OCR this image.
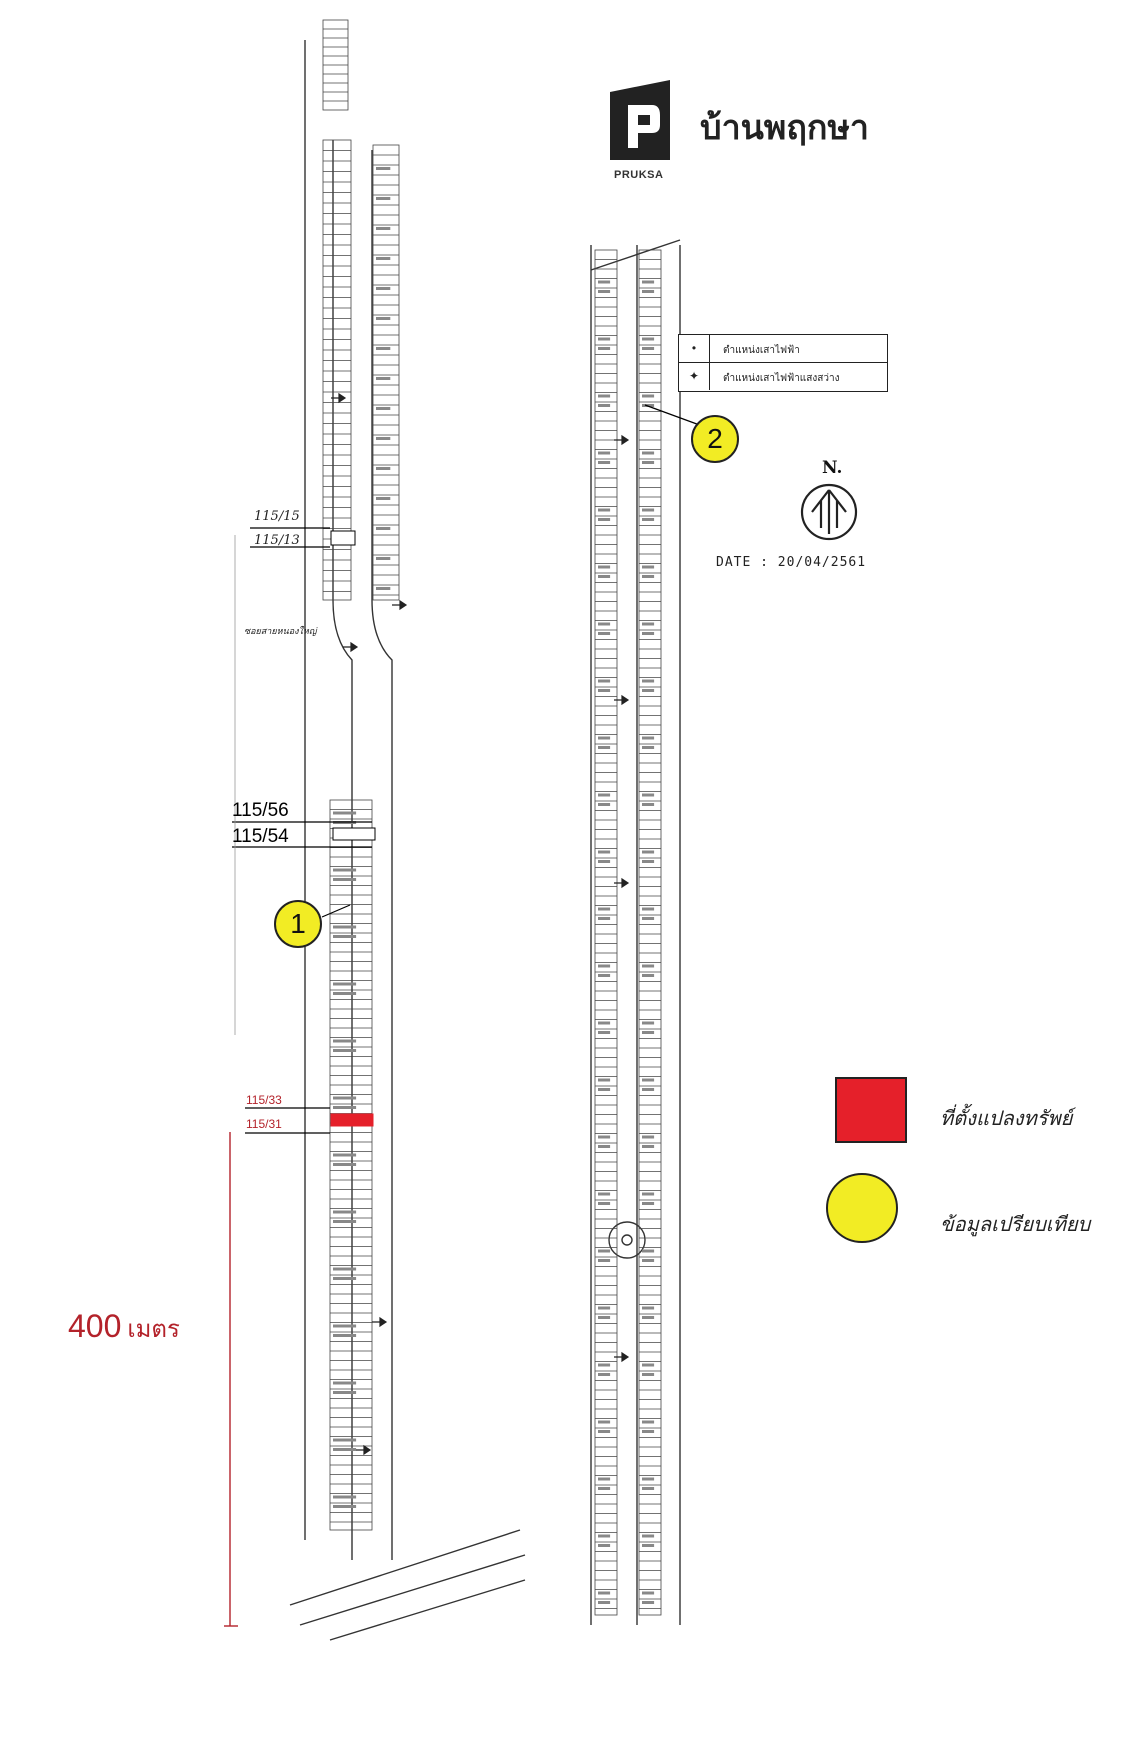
บ้านพฤกษา
PRUKSA
•	ตำแหน่งเสาไฟฟ้า
✦	ตำแหน่งเสาไฟฟ้าแสงสว่าง
N.
DATE : 20/04/2561
1
2
115/15
115/13
ซอยสายหนองใหญ่
115/56
115/54
115/33
115/31
400 เมตร
ที่ตั้งแปลงทรัพย์
ข้อมูลเปรียบเทียบ
